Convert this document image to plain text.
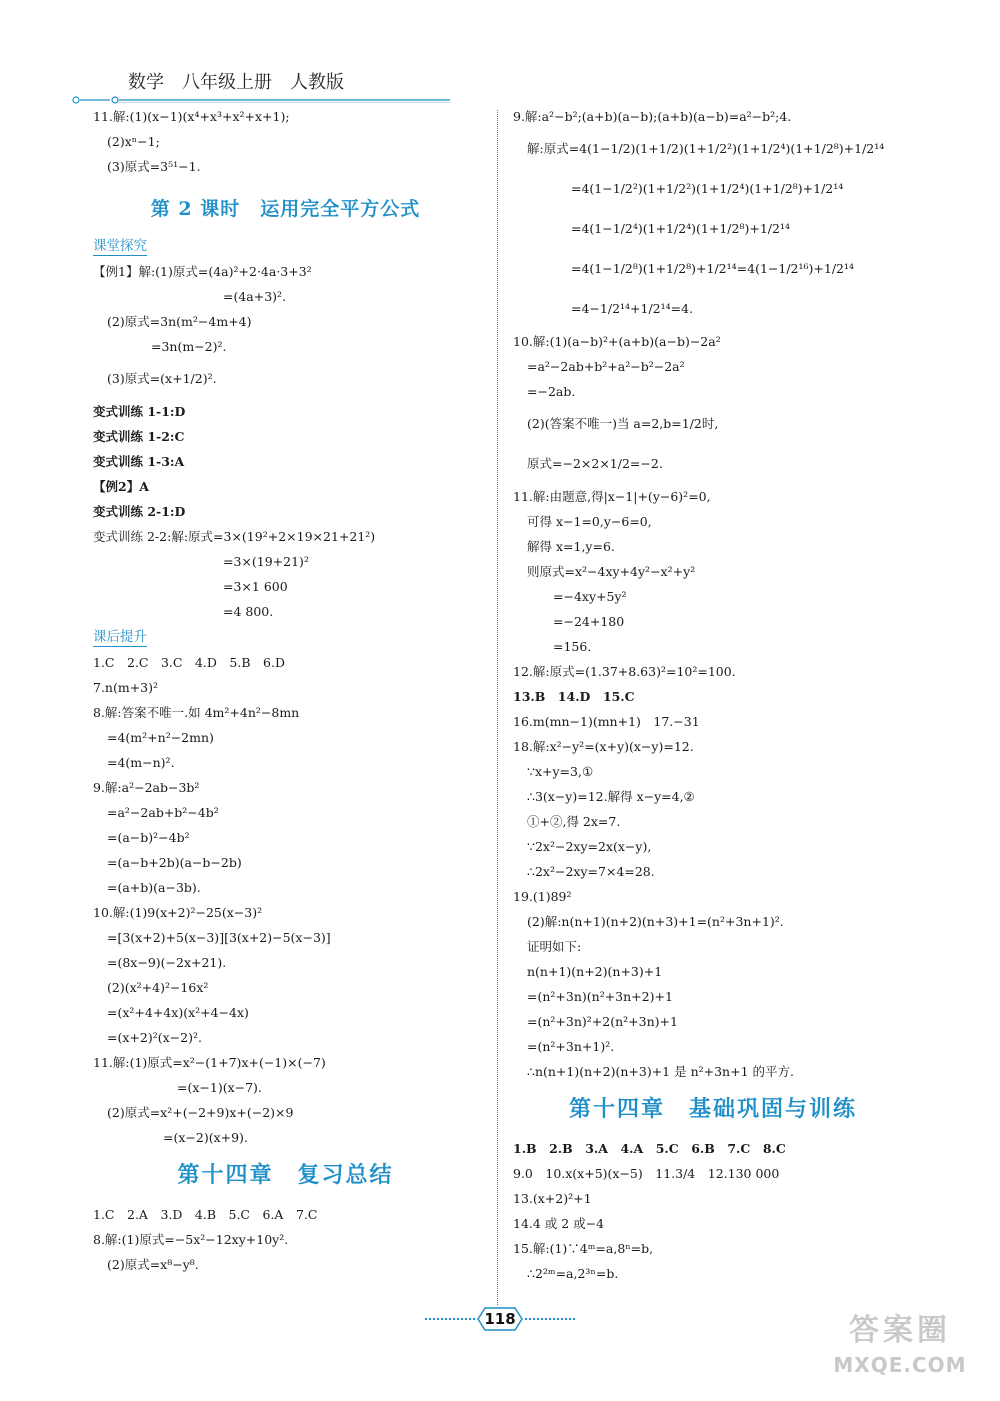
数学　八年级上册　人教版
11.解:(1)(x−1)(x⁴+x³+x²+x+1);
(2)xⁿ−1;
(3)原式=3⁵¹−1.
第 2 课时　运用完全平方公式
课堂探究
【例1】解:(1)原式=(4a)²+2·4a·3+3²
=(4a+3)².
(2)原式=3n(m²−4m+4)
=3n(m−2)².
(3)原式=(x+1/2)².
变式训练 1-1:D
变式训练 1-2:C
变式训练 1-3:A
【例2】A
变式训练 2-1:D
变式训练 2-2:解:原式=3×(19²+2×19×21+21²)
=3×(19+21)²
=3×1 600
=4 800.
课后提升
1.C　2.C　3.C　4.D　5.B　6.D
7.n(m+3)²
8.解:答案不唯一.如 4m²+4n²−8mn
=4(m²+n²−2mn)
=4(m−n)².
9.解:a²−2ab−3b²
=a²−2ab+b²−4b²
=(a−b)²−4b²
=(a−b+2b)(a−b−2b)
=(a+b)(a−3b).
10.解:(1)9(x+2)²−25(x−3)²
=[3(x+2)+5(x−3)][3(x+2)−5(x−3)]
=(8x−9)(−2x+21).
(2)(x²+4)²−16x²
=(x²+4+4x)(x²+4−4x)
=(x+2)²(x−2)².
11.解:(1)原式=x²−(1+7)x+(−1)×(−7)
=(x−1)(x−7).
(2)原式=x²+(−2+9)x+(−2)×9
=(x−2)(x+9).
第十四章　复习总结
1.C　2.A　3.D　4.B　5.C　6.A　7.C
8.解:(1)原式=−5x²−12xy+10y².
(2)原式=x⁸−y⁸.
9.解:a²−b²;(a+b)(a−b);(a+b)(a−b)=a²−b²;4.
解:原式=4(1−1/2)(1+1/2)(1+1/2²)(1+1/2⁴)(1+1/2⁸)+1/2¹⁴
=4(1−1/2²)(1+1/2²)(1+1/2⁴)(1+1/2⁸)+1/2¹⁴
=4(1−1/2⁴)(1+1/2⁴)(1+1/2⁸)+1/2¹⁴
=4(1−1/2⁸)(1+1/2⁸)+1/2¹⁴=4(1−1/2¹⁶)+1/2¹⁴
=4−1/2¹⁴+1/2¹⁴=4.
10.解:(1)(a−b)²+(a+b)(a−b)−2a²
=a²−2ab+b²+a²−b²−2a²
=−2ab.
(2)(答案不唯一)当 a=2,b=1/2时,
原式=−2×2×1/2=−2.
11.解:由题意,得|x−1|+(y−6)²=0,
可得 x−1=0,y−6=0,
解得 x=1,y=6.
则原式=x²−4xy+4y²−x²+y²
=−4xy+5y²
=−24+180
=156.
12.解:原式=(1.37+8.63)²=10²=100.
13.B　14.D　15.C
16.m(mn−1)(mn+1)　17.−31
18.解:x²−y²=(x+y)(x−y)=12.
∵x+y=3,①
∴3(x−y)=12.解得 x−y=4,②
①+②,得 2x=7.
∵2x²−2xy=2x(x−y),
∴2x²−2xy=7×4=28.
19.(1)89²
(2)解:n(n+1)(n+2)(n+3)+1=(n²+3n+1)².
证明如下:
n(n+1)(n+2)(n+3)+1
=(n²+3n)(n²+3n+2)+1
=(n²+3n)²+2(n²+3n)+1
=(n²+3n+1)².
∴n(n+1)(n+2)(n+3)+1 是 n²+3n+1 的平方.
第十四章　基础巩固与训练
1.B　2.B　3.A　4.A　5.C　6.B　7.C　8.C
9.0　10.x(x+5)(x−5)　11.3/4　12.130 000
13.(x+2)²+1
14.4 或 2 或−4
15.解:(1)∵4ᵐ=a,8ⁿ=b,
∴2²ᵐ=a,2³ⁿ=b.
118	答案圈
MXQE.COM
